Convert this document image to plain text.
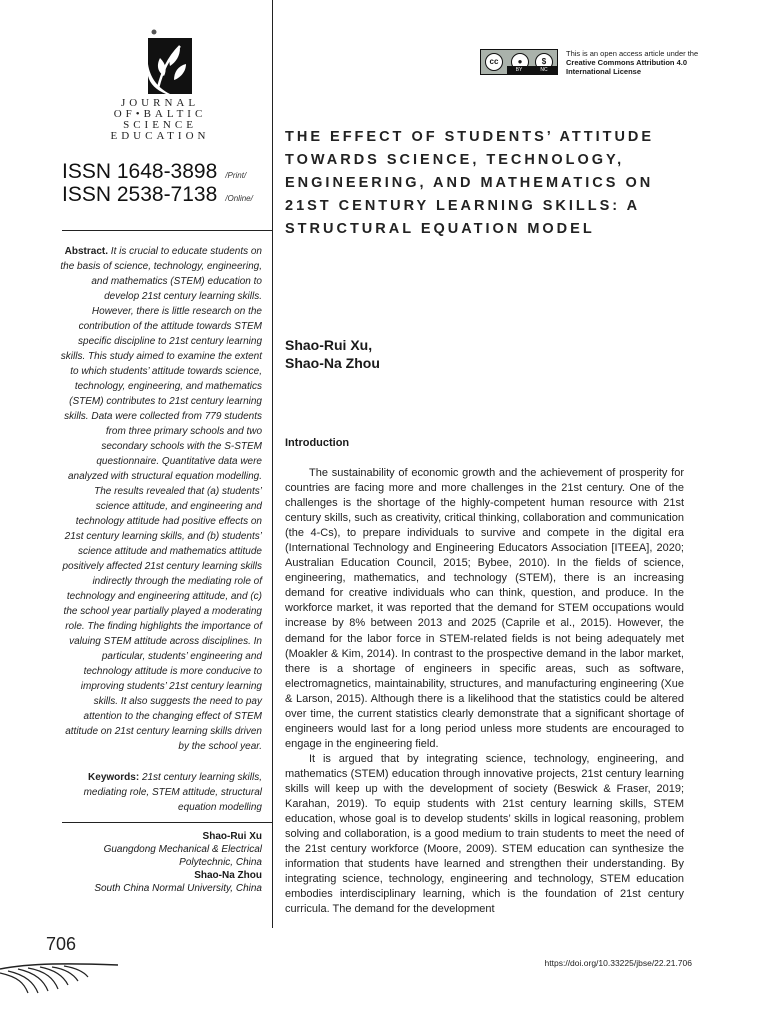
JOURNAL
OF•BALTIC
SCIENCE
EDUCATION
ISSN 1648-3898 /Print/
ISSN 2538-7138 /Online/
Abstract. It is crucial to educate students on the basis of science, technology, engineering, and mathematics (STEM) education to develop 21st century learning skills. However, there is little research on the contribution of the attitude towards STEM specific discipline to 21st century learning skills. This study aimed to examine the extent to which students’ attitude towards science, technology, engineering, and mathematics (STEM) contributes to 21st century learning skills. Data were collected from 779 students from three primary schools and two secondary schools with the S-STEM questionnaire. Quantitative data were analyzed with structural equation modelling. The results revealed that (a) students’ science attitude, and engineering and technology attitude had positive effects on 21st century learning skills, and (b) students’ science attitude and mathematics attitude positively affected 21st century learning skills indirectly through the mediating role of technology and engineering attitude, and (c) the school year partially played a moderating role. The finding highlights the importance of valuing STEM attitude across disciplines. In particular, students’ engineering and technology attitude is more conducive to improving students’ 21st century learning skills. It also suggests the need to pay attention to the changing effect of STEM attitude on 21st century learning skills driven by the school year.
Keywords: 21st century learning skills, mediating role, STEM attitude, structural equation modelling
Shao-Rui Xu
Guangdong Mechanical & Electrical Polytechnic, China
Shao-Na Zhou
South China Normal University, China
cc	●	$
BY	NC
This is an open access article under the
Creative Commons Attribution 4.0
International License
THE EFFECT OF STUDENTS’ ATTITUDE TOWARDS SCIENCE, TECHNOLOGY, ENGINEERING, AND MATHEMATICS ON 21ST CENTURY LEARNING SKILLS: A STRUCTURAL EQUATION MODEL
Shao-Rui Xu,
Shao-Na Zhou
Introduction

The sustainability of economic growth and the achievement of prosperity for countries are facing more and more challenges in the 21st century. One of the challenges is the shortage of the highly-competent human resource with 21st century skills, such as creativity, critical thinking, collaboration and communication (the 4-Cs), to prepare individuals to survive and compete in the digital era (International Technology and Engineering Educators Association [ITEEA], 2020; Australian Education Council, 2015; Bybee, 2010). In the fields of science, engineering, mathematics, and technology (STEM), there is an increasing demand for creative individuals who can think, question, and produce. In the workforce market, it was reported that the demand for STEM occupations would increase by 8% between 2013 and 2025 (Caprile et al., 2015). However, the demand for the labor force in STEM-related fields is not being adequately met (Moakler & Kim, 2014). In contrast to the prospective demand in the labor market, there is a shortage of engineers in specific areas, such as software, electromagnetics, maintainability, structures, and manufacturing engineering (Xue & Larson, 2015). Although there is a likelihood that the statistics could be altered over time, the current statistics clearly demonstrate that a significant shortage of engineers would last for a long period unless more students are encouraged to engage in the engineering field.

It is argued that by integrating science, technology, engineering, and mathematics (STEM) education through innovative projects, 21st century learning skills will keep up with the development of society (Beswick & Fraser, 2019; Karahan, 2019). To equip students with 21st century learning skills, STEM education, whose goal is to develop students’ skills in logical reasoning, problem solving and collaboration, is a good medium to train students to meet the need of the 21st century workforce (Moore, 2009). STEM education can synthesize the information that students have learned and strengthen their understanding. By integrating science, technology, engineering and technology, STEM education embodies interdisciplinary learning, which is the foundation of 21st century curricula. The demand for the development

706
https://doi.org/10.33225/jbse/22.21.706
